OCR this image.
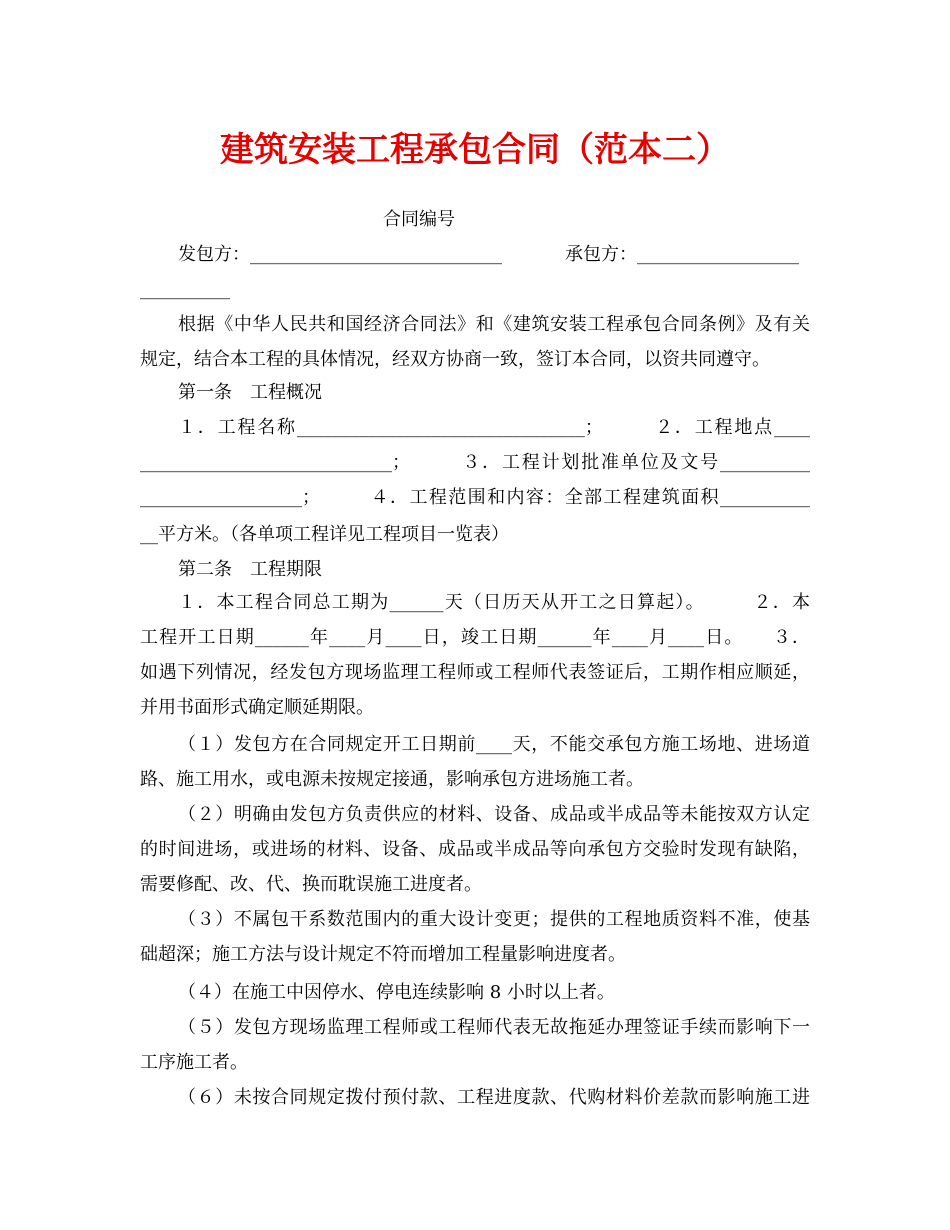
建筑安装工程承包合同（范本二）
合同编号
发包方：____________________________	承包方：__________________
__________
根据《中华人民共和国经济合同法》和《建筑安装工程承包合同条例》及有关
规定，结合本工程的具体情况，经双方协商一致，签订本合同，以资共同遵守。
第一条　工程概况
１．工程名称________________________________；　　　２．工程地点____
____________________________；　　　３．工程计划批准单位及文号__________
__________________；　　　４．工程范围和内容：全部工程建筑面积__________
__平方米。（各单项工程详见工程项目一览表）
第二条　工程期限
１．本工程合同总工期为______天（日历天从开工之日算起）。　　　２．本
工程开工日期______年____月____日，竣工日期______年____月____日。　　３．
如遇下列情况，经发包方现场监理工程师或工程师代表签证后，工期作相应顺延，
并用书面形式确定顺延期限。
（１）发包方在合同规定开工日期前____天，不能交承包方施工场地、进场道
路、施工用水，或电源未按规定接通，影响承包方进场施工者。
（２）明确由发包方负责供应的材料、设备、成品或半成品等未能按双方认定
的时间进场，或进场的材料、设备、成品或半成品等向承包方交验时发现有缺陷，
需要修配、改、代、换而耽误施工进度者。
（３）不属包干系数范围内的重大设计变更；提供的工程地质资料不准，使基
础超深；施工方法与设计规定不符而增加工程量影响进度者。
（４）在施工中因停水、停电连续影响 8 小时以上者。
（５）发包方现场监理工程师或工程师代表无故拖延办理签证手续而影响下一
工序施工者。
（６）未按合同规定拨付预付款、工程进度款、代购材料价差款而影响施工进
